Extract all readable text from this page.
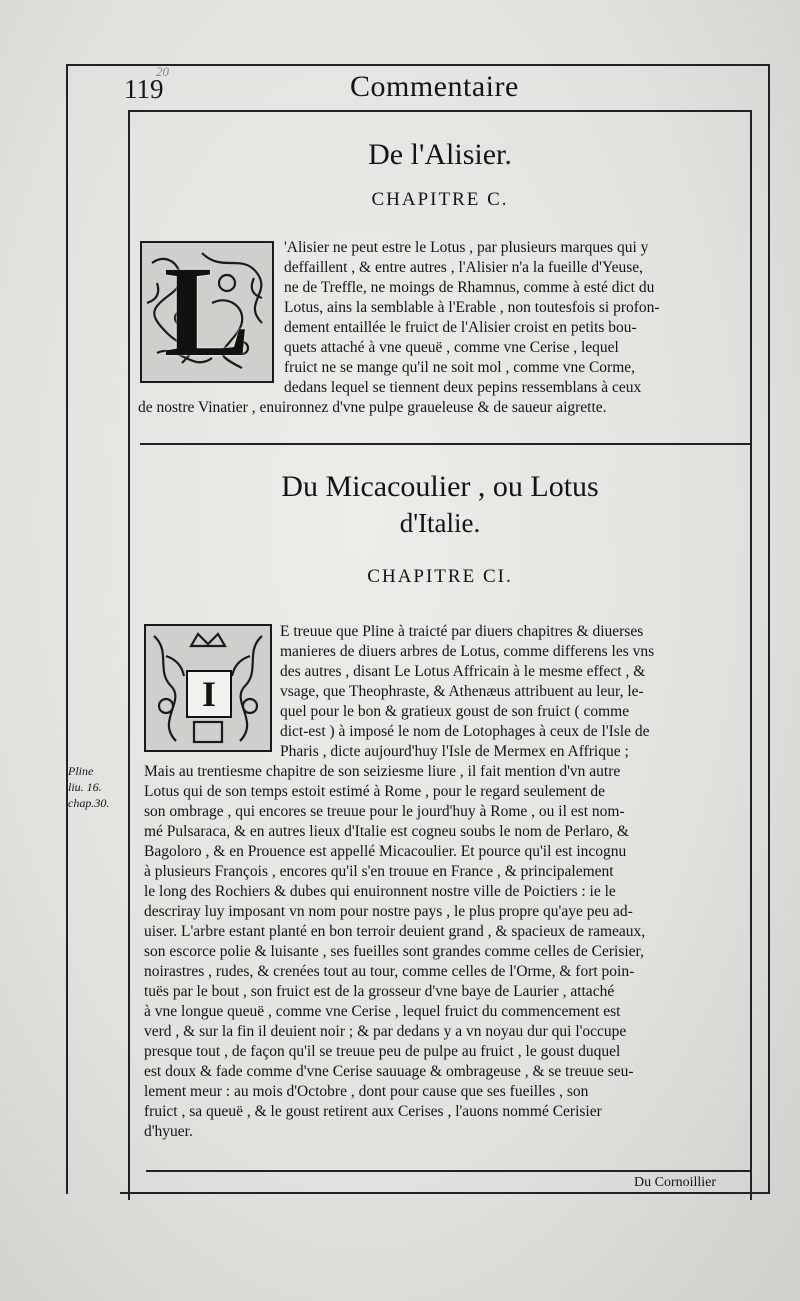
119
20	Commentaire
De l'Alisier.
CHAPITRE C.
L	'Alisier ne peut estre le Lotus , par plusieurs marques qui y
deffaillent , & entre autres , l'Alisier n'a la fueille d'Yeuse,
ne de Treffle, ne moings de Rhamnus, comme à esté dict du
Lotus, ains la semblable à l'Erable , non toutesfois si profon-
dement entaillée le fruict de l'Alisier croist en petits bou-
quets attaché à vne queuë , comme vne Cerise , lequel
fruict ne se mange qu'il ne soit mol , comme vne Corme,
dedans lequel se tiennent deux pepins ressemblans à ceux
de nostre Vinatier , enuironnez d'vne pulpe graueleuse & de saueur aigrette.
Du Micacoulier , ou Lotus
d'Italie.
CHAPITRE CI.
I
E treuue que Pline à traicté par diuers chapitres & diuerses
manieres de diuers arbres de Lotus, comme differens les vns
des autres , disant Le Lotus Affricain à le mesme effect , &
vsage, que Theophraste, & Athenæus attribuent au leur, le-
quel pour le bon & gratieux goust de son fruict ( comme
dict-est ) à imposé le nom de Lotophages à ceux de l'Isle de
Pharis , dicte aujourd'huy l'Isle de Mermex en Affrique ;
Mais au trentiesme chapitre de son seiziesme liure , il fait mention d'vn autre
Lotus qui de son temps estoit estimé à Rome , pour le regard seulement de
son ombrage , qui encores se treuue pour le jourd'huy à Rome , ou il est nom-
mé Pulsaraca, & en autres lieux d'Italie est cogneu soubs le nom de Perlaro, &
Bagoloro , & en Prouence est appellé Micacoulier. Et pource qu'il est incognu
à plusieurs François , encores qu'il s'en trouue en France , & principalement
le long des Rochiers & dubes qui enuironnent nostre ville de Poictiers : ie le
descriray luy imposant vn nom pour nostre pays , le plus propre qu'aye peu ad-
uiser. L'arbre estant planté en bon terroir deuient grand , & spacieux de rameaux,
son escorce polie & luisante , ses fueilles sont grandes comme celles de Cerisier,
noirastres , rudes, & crenées tout au tour, comme celles de l'Orme, & fort poin-
tuës par le bout , son fruict est de la grosseur d'vne baye de Laurier , attaché
à vne longue queuë , comme vne Cerise , lequel fruict du commencement est
verd , & sur la fin il deuient noir ; & par dedans y a vn noyau dur qui l'occupe
presque tout , de façon qu'il se treuue peu de pulpe au fruict , le goust duquel
est doux & fade comme d'vne Cerise sauuage & ombrageuse , & se treuue seu-
lement meur : au mois d'Octobre , dont pour cause que ses fueilles , son
fruict , sa queuë , & le goust retirent aux Cerises , l'auons nommé Cerisier
d'hyuer.
Pline
liu. 16.
chap.30.
Du Cornoillier
